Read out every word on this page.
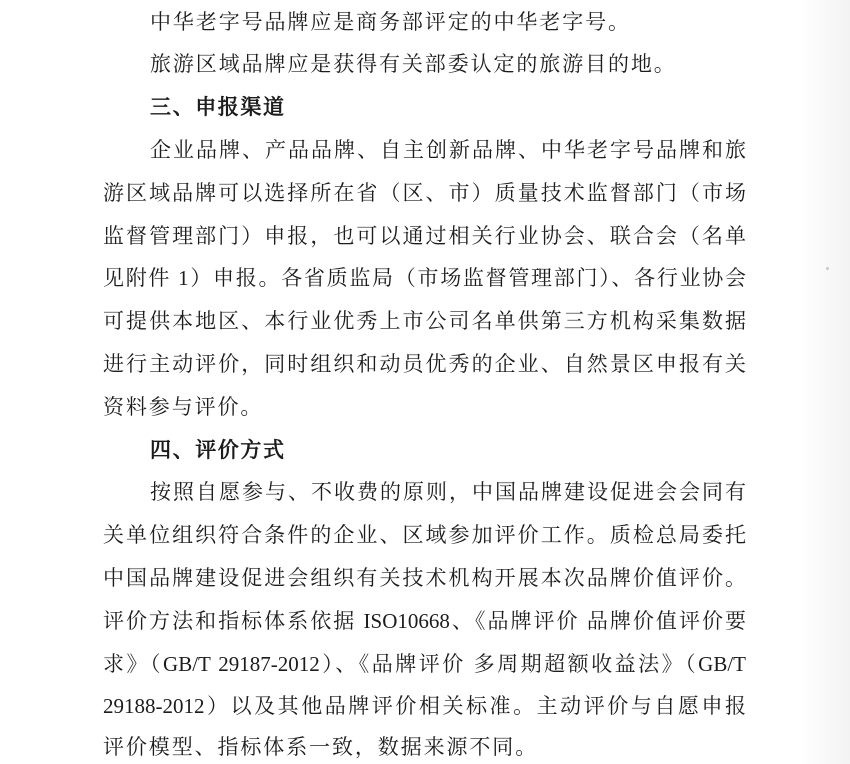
中华老字号品牌应是商务部评定的中华老字号。
旅游区域品牌应是获得有关部委认定的旅游目的地。
三、申报渠道
企业品牌、产品品牌、自主创新品牌、中华老字号品牌和旅
游区域品牌可以选择所在省（区、市）质量技术监督部门（市场
监督管理部门）申报，也可以通过相关行业协会、联合会（名单
见附件 1）申报。各省质监局（市场监督管理部门）、各行业协会
可提供本地区、本行业优秀上市公司名单供第三方机构采集数据
进行主动评价，同时组织和动员优秀的企业、自然景区申报有关
资料参与评价。
四、评价方式
按照自愿参与、不收费的原则，中国品牌建设促进会会同有
关单位组织符合条件的企业、区域参加评价工作。质检总局委托
中国品牌建设促进会组织有关技术机构开展本次品牌价值评价。
评价方法和指标体系依据 ISO10668、《品牌评价 品牌价值评价要
求》（GB/T 29187-2012）、《品牌评价 多周期超额收益法》（GB/T
29188-2012）以及其他品牌评价相关标准。主动评价与自愿申报
评价模型、指标体系一致，数据来源不同。
